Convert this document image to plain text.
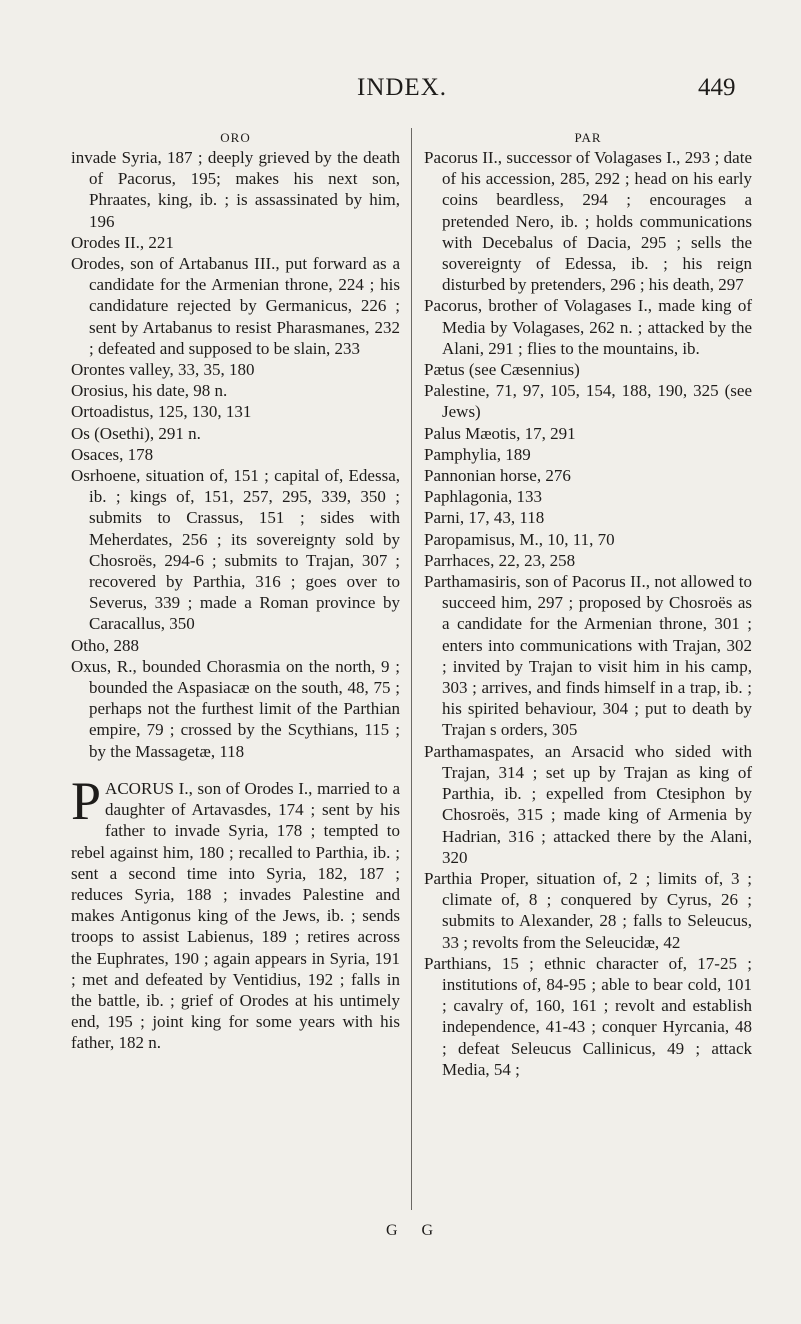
INDEX.	449
ORO
invade Syria, 187 ; deeply grieved by the death of Pacorus, 195; makes his next son, Phraates, king, ib. ; is assassinated by him, 196
Orodes II., 221
Orodes, son of Artabanus III., put forward as a candidate for the Armenian throne, 224 ; his candidature rejected by Germanicus, 226 ; sent by Artabanus to resist Pharasmanes, 232 ; defeated and supposed to be slain, 233
Orontes valley, 33, 35, 180
Orosius, his date, 98 n.
Ortoadistus, 125, 130, 131
Os (Osethi), 291 n.
Osaces, 178
Osrhoene, situation of, 151 ; capital of, Edessa, ib. ; kings of, 151, 257, 295, 339, 350 ; submits to Crassus, 151 ; sides with Meherdates, 256 ; its sovereignty sold by Chosroës, 294-6 ; submits to Trajan, 307 ; recovered by Parthia, 316 ; goes over to Severus, 339 ; made a Roman province by Caracallus, 350
Otho, 288
Oxus, R., bounded Chorasmia on the north, 9 ; bounded the Aspasiacæ on the south, 48, 75 ; perhaps not the furthest limit of the Parthian empire, 79 ; crossed by the Scythians, 115 ; by the Massagetæ, 118
PACORUS I., son of Orodes I., married to a daughter of Artavasdes, 174 ; sent by his father to invade Syria, 178 ; tempted to rebel against him, 180 ; recalled to Parthia, ib. ; sent a second time into Syria, 182, 187 ; reduces Syria, 188 ; invades Palestine and makes Antigonus king of the Jews, ib. ; sends troops to assist Labienus, 189 ; retires across the Euphrates, 190 ; again appears in Syria, 191 ; met and defeated by Ventidius, 192 ; falls in the battle, ib. ; grief of Orodes at his untimely end, 195 ; joint king for some years with his father, 182 n.
PAR
Pacorus II., successor of Volagases I., 293 ; date of his accession, 285, 292 ; head on his early coins beardless, 294 ; encourages a pretended Nero, ib. ; holds communications with Decebalus of Dacia, 295 ; sells the sovereignty of Edessa, ib. ; his reign disturbed by pretenders, 296 ; his death, 297
Pacorus, brother of Volagases I., made king of Media by Volagases, 262 n. ; attacked by the Alani, 291 ; flies to the mountains, ib.
Pætus (see Cæsennius)
Palestine, 71, 97, 105, 154, 188, 190, 325 (see Jews)
Palus Mæotis, 17, 291
Pamphylia, 189
Pannonian horse, 276
Paphlagonia, 133
Parni, 17, 43, 118
Paropamisus, M., 10, 11, 70
Parrhaces, 22, 23, 258
Parthamasiris, son of Pacorus II., not allowed to succeed him, 297 ; proposed by Chosroës as a candidate for the Armenian throne, 301 ; enters into communications with Trajan, 302 ; invited by Trajan to visit him in his camp, 303 ; arrives, and finds himself in a trap, ib. ; his spirited behaviour, 304 ; put to death by Trajan s orders, 305
Parthamaspates, an Arsacid who sided with Trajan, 314 ; set up by Trajan as king of Parthia, ib. ; expelled from Ctesiphon by Chosroës, 315 ; made king of Armenia by Hadrian, 316 ; attacked there by the Alani, 320
Parthia Proper, situation of, 2 ; limits of, 3 ; climate of, 8 ; conquered by Cyrus, 26 ; submits to Alexander, 28 ; falls to Seleucus, 33 ; revolts from the Seleucidæ, 42
Parthians, 15 ; ethnic character of, 17-25 ; institutions of, 84-95 ; able to bear cold, 101 ; cavalry of, 160, 161 ; revolt and establish independence, 41-43 ; conquer Hyrcania, 48 ; defeat Seleucus Callinicus, 49 ; attack Media, 54 ;
G G
